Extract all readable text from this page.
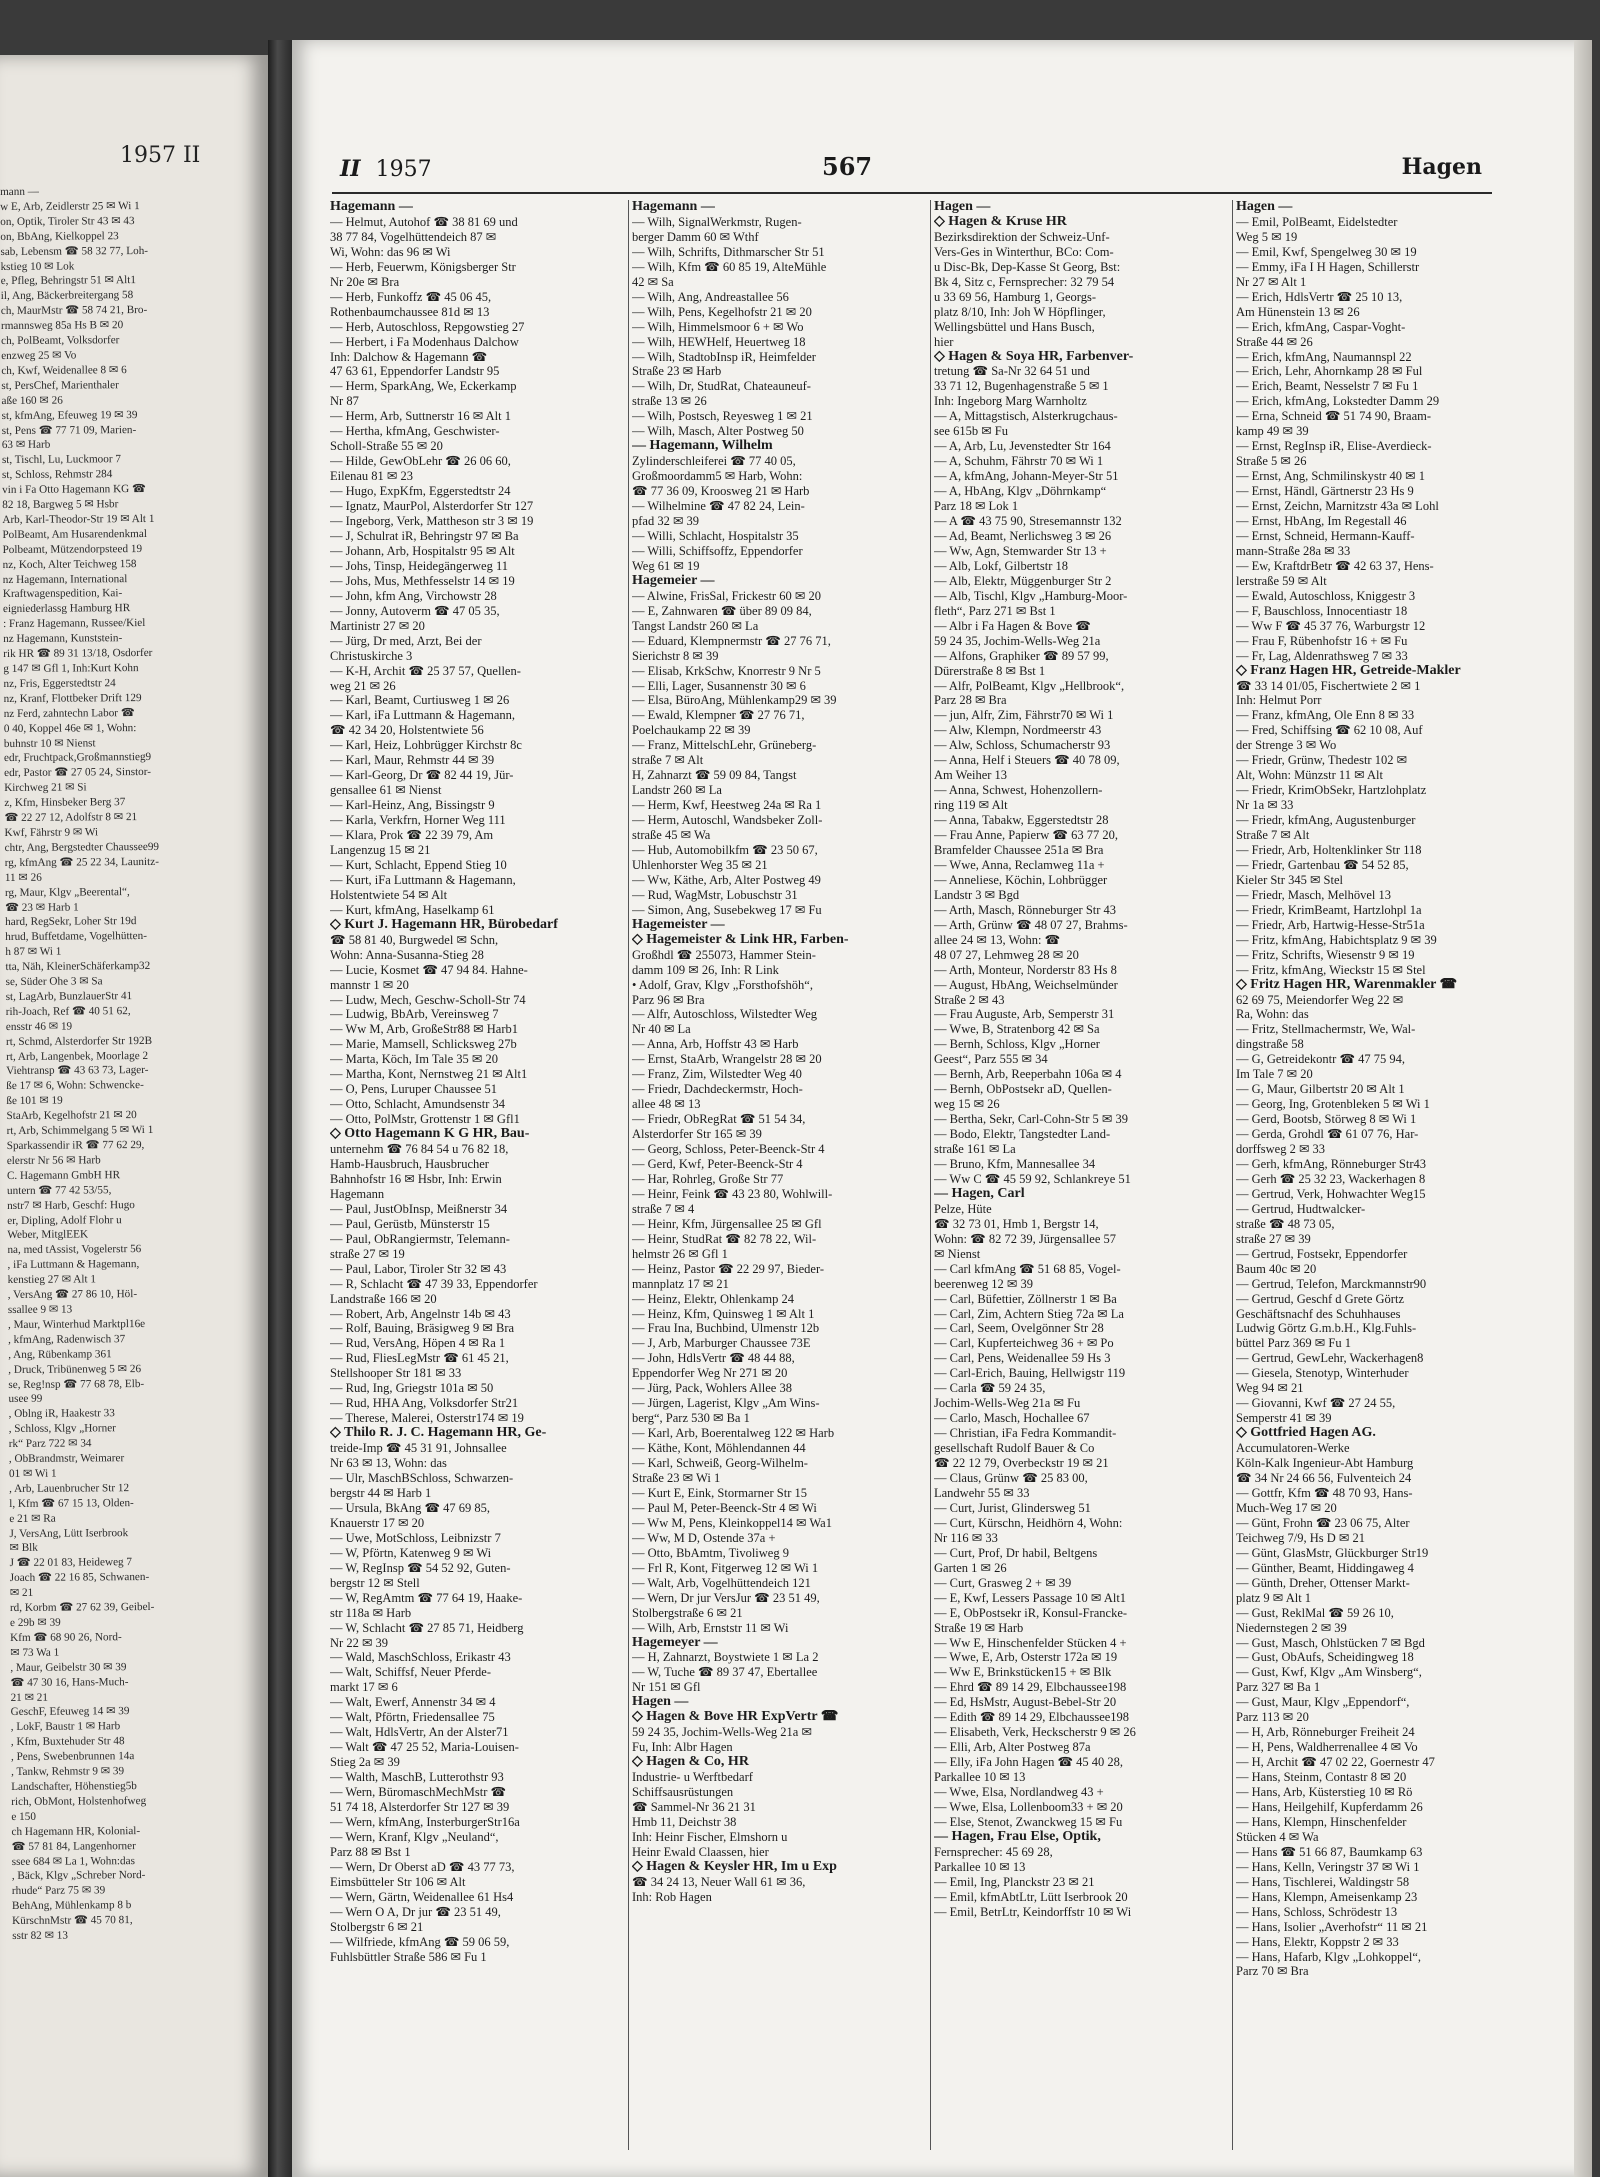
1957 II
mann —
w E, Arb, Zeidlerstr 25 ✉ Wi 1
on, Optik, Tiroler Str 43 ✉ 43
on, BbAng, Kielkoppel 23
sab, Lebensm ☎ 58 32 77, Loh-
kstieg 10 ✉ Lok
e, Pfleg, Behringstr 51 ✉ Alt1
il, Ang, Bäckerbreitergang 58
ch, MaurMstr ☎ 58 74 21, Bro-
rmannsweg 85a Hs B ✉ 20
ch, PolBeamt, Volksdorfer
enzweg 25 ✉ Vo
ch, Kwf, Weidenallee 8 ✉ 6
st, PersChef, Marienthaler
aße 160 ✉ 26
st, kfmAng, Efeuweg 19 ✉ 39
st, Pens ☎ 77 71 09, Marien-
63 ✉ Harb
st, Tischl, Lu, Luckmoor 7
st, Schloss, Rehmstr 284
vin i Fa Otto Hagemann KG ☎
82 18, Bargweg 5 ✉ Hsbr
Arb, Karl-Theodor-Str 19 ✉ Alt 1
PolBeamt, Am Husarendenkmal
Polbeamt, Mützendorpsteed 19
nz, Koch, Alter Teichweg 158
nz Hagemann, International
Kraftwagenspedition, Kai-
eigniederlassg Hamburg HR
: Franz Hagemann, Russee/Kiel
nz Hagemann, Kunststein-
rik HR ☎ 89 31 13/18, Osdorfer
g 147 ✉ Gfl 1, Inh:Kurt Kohn
nz, Fris, Eggerstedtstr 24
nz, Kranf, Flottbeker Drift 129
nz Ferd, zahntechn Labor ☎
0 40, Koppel 46e ✉ 1, Wohn:
buhnstr 10 ✉ Nienst
edr, Fruchtpack,Großmannstieg9
edr, Pastor ☎ 27 05 24, Sinstor-
Kirchweg 21 ✉ Si
z, Kfm, Hinsbeker Berg 37
☎ 22 27 12, Adolfstr 8 ✉ 21
Kwf, Fährstr 9 ✉ Wi
chtr, Ang, Bergstedter Chaussee99
rg, kfmAng ☎ 25 22 34, Launitz-
11 ✉ 26
rg, Maur, Klgv „Beerental“,
☎ 23 ✉ Harb 1
hard, RegSekr, Loher Str 19d
hrud, Buffetdame, Vogelhütten-
h 87 ✉ Wi 1
tta, Näh, KleinerSchäferkamp32
se, Süder Ohe 3 ✉ Sa
st, LagArb, BunzlauerStr 41
rih-Joach, Ref ☎ 40 51 62,
ensstr 46 ✉ 19
rt, Schmd, Alsterdorfer Str 192B
rt, Arb, Langenbek, Moorlage 2
Viehtransp ☎ 43 63 73, Lager-
ße 17 ✉ 6, Wohn: Schwencke-
ße 101 ✉ 19
StaArb, Kegelhofstr 21 ✉ 20
rt, Arb, Schimmelgang 5 ✉ Wi 1
Sparkassendir iR ☎ 77 62 29,
elerstr Nr 56 ✉ Harb
C. Hagemann GmbH HR
untern ☎ 77 42 53/55,
nstr7 ✉ Harb, Geschf: Hugo
er, Dipling, Adolf Flohr u
Weber, MitglEEK
na, med tAssist, Vogelerstr 56
, iFa Luttmann & Hagemann,
kenstieg 27 ✉ Alt 1
, VersAng ☎ 27 86 10, Höl-
ssallee 9 ✉ 13
, Maur, Winterhud Marktpl16e
, kfmAng, Radenwisch 37
, Ang, Rübenkamp 361
, Druck, Tribünenweg 5 ✉ 26
se, Reg!nsp ☎ 77 68 78, Elb-
usee 99
, Oblng iR, Haakestr 33
, Schloss, Klgv „Horner
rk“ Parz 722 ✉ 34
, ObBrandmstr, Weimarer
01 ✉ Wi 1
, Arb, Lauenbrucher Str 12
l, Kfm ☎ 67 15 13, Olden-
e 21 ✉ Ra
J, VersAng, Lütt Iserbrook
✉ Blk
J ☎ 22 01 83, Heideweg 7
Joach ☎ 22 16 85, Schwanen-
✉ 21
rd, Korbm ☎ 27 62 39, Geibel-
e 29b ✉ 39
Kfm ☎ 68 90 26, Nord-
✉ 73 Wa 1
, Maur, Geibelstr 30 ✉ 39
☎ 47 30 16, Hans-Much-
21 ✉ 21
GeschF, Efeuweg 14 ✉ 39
, LokF, Baustr 1 ✉ Harb
, Kfm, Buxtehuder Str 48
, Pens, Swebenbrunnen 14a
, Tankw, Rehmstr 9 ✉ 39
Landschafter, Höhenstieg5b
rich, ObMont, Holstenhofweg
e 150
ch Hagemann HR, Kolonial-
☎ 57 81 84, Langenhorner
ssee 684 ✉ La 1, Wohn:das
, Bäck, Klgv „Schreber Nord-
rhude“ Parz 75 ✉ 39
BehAng, Mühlenkamp 8 b
KürschnMstr ☎ 45 70 81,
sstr 82 ✉ 13
II 1957	567	Hagen
Hagemann —
— Helmut, Autohof ☎ 38 81 69 und
38 77 84, Vogelhüttendeich 87 ✉
Wi, Wohn: das 96 ✉ Wi
— Herb, Feuerwm, Königsberger Str
Nr 20e ✉ Bra
— Herb, Funkoffz ☎ 45 06 45,
Rothenbaumchaussee 81d ✉ 13
— Herb, Autoschloss, Repgowstieg 27
— Herbert, i Fa Modenhaus Dalchow
Inh: Dalchow & Hagemann ☎
47 63 61, Eppendorfer Landstr 95
— Herm, SparkAng, We, Eckerkamp
Nr 87
— Herm, Arb, Suttnerstr 16 ✉ Alt 1
— Hertha, kfmAng, Geschwister-
Scholl-Straße 55 ✉ 20
— Hilde, GewObLehr ☎ 26 06 60,
Eilenau 81 ✉ 23
— Hugo, ExpKfm, Eggerstedtstr 24
— Ignatz, MaurPol, Alsterdorfer Str 127
— Ingeborg, Verk, Mattheson str 3 ✉ 19
— J, Schulrat iR, Behringstr 97 ✉ Ba
— Johann, Arb, Hospitalstr 95 ✉ Alt
— Johs, Tinsp, Heidegängerweg 11
— Johs, Mus, Methfesselstr 14 ✉ 19
— John, kfm Ang, Virchowstr 28
— Jonny, Autoverm ☎ 47 05 35,
Martinistr 27 ✉ 20
— Jürg, Dr med, Arzt, Bei der
Christuskirche 3
— K-H, Archit ☎ 25 37 57, Quellen-
weg 21 ✉ 26
— Karl, Beamt, Curtiusweg 1 ✉ 26
— Karl, iFa Luttmann & Hagemann,
☎ 42 34 20, Holstentwiete 56
— Karl, Heiz, Lohbrügger Kirchstr 8c
— Karl, Maur, Rehmstr 44 ✉ 39
— Karl-Georg, Dr ☎ 82 44 19, Jür-
gensallee 61 ✉ Nienst
— Karl-Heinz, Ang, Bissingstr 9
— Karla, Verkfrn, Horner Weg 111
— Klara, Prok ☎ 22 39 79, Am
Langenzug 15 ✉ 21
— Kurt, Schlacht, Eppend Stieg 10
— Kurt, iFa Luttmann & Hagemann,
Holstentwiete 54 ✉ Alt
— Kurt, kfmAng, Haselkamp 61
◇ Kurt J. Hagemann HR, Bürobedarf
☎ 58 81 40, Burgwedel ✉ Schn,
Wohn: Anna-Susanna-Stieg 28
— Lucie, Kosmet ☎ 47 94 84. Hahne-
mannstr 1 ✉ 20
— Ludw, Mech, Geschw-Scholl-Str 74
— Ludwig, BbArb, Vereinsweg 7
— Ww M, Arb, GroßeStr88 ✉ Harb1
— Marie, Mamsell, Schlicksweg 27b
— Marta, Köch, Im Tale 35 ✉ 20
— Martha, Kont, Nernstweg 21 ✉ Alt1
— O, Pens, Luruper Chaussee 51
— Otto, Schlacht, Amundsenstr 34
— Otto, PolMstr, Grottenstr 1 ✉ Gfl1
◇ Otto Hagemann K G HR, Bau-
unternehm ☎ 76 84 54 u 76 82 18,
Hamb-Hausbruch, Hausbrucher
Bahnhofstr 16 ✉ Hsbr, Inh: Erwin
Hagemann
— Paul, JustObInsp, Meißnerstr 34
— Paul, Gerüstb, Münsterstr 15
— Paul, ObRangiermstr, Telemann-
straße 27 ✉ 19
— Paul, Labor, Tiroler Str 32 ✉ 43
— R, Schlacht ☎ 47 39 33, Eppendorfer
Landstraße 166 ✉ 20
— Robert, Arb, Angelnstr 14b ✉ 43
— Rolf, Bauing, Bräsigweg 9 ✉ Bra
— Rud, VersAng, Höpen 4 ✉ Ra 1
— Rud, FliesLegMstr ☎ 61 45 21,
Stellshooper Str 181 ✉ 33
— Rud, Ing, Griegstr 101a ✉ 50
— Rud, HHA Ang, Volksdorfer Str21
— Therese, Malerei, Osterstr174 ✉ 19
◇ Thilo R. J. C. Hagemann HR, Ge-
treide-Imp ☎ 45 31 91, Johnsallee
Nr 63 ✉ 13, Wohn: das
— Ulr, MaschBSchloss, Schwarzen-
bergstr 44 ✉ Harb 1
— Ursula, BkAng ☎ 47 69 85,
Knauerstr 17 ✉ 20
— Uwe, MotSchloss, Leibnizstr 7
— W, Pförtn, Katenweg 9 ✉ Wi
— W, RegInsp ☎ 54 52 92, Guten-
bergstr 12 ✉ Stell
— W, RegAmtm ☎ 77 64 19, Haake-
str 118a ✉ Harb
— W, Schlacht ☎ 27 85 71, Heidberg
Nr 22 ✉ 39
— Wald, MaschSchloss, Erikastr 43
— Walt, Schiffsf, Neuer Pferde-
markt 17 ✉ 6
— Walt, Ewerf, Annenstr 34 ✉ 4
— Walt, Pförtn, Friedensallee 75
— Walt, HdlsVertr, An der Alster71
— Walt ☎ 47 25 52, Maria-Louisen-
Stieg 2a ✉ 39
— Walth, MaschB, Lutterothstr 93
— Wern, BüromaschMechMstr ☎
51 74 18, Alsterdorfer Str 127 ✉ 39
— Wern, kfmAng, InsterburgerStr16a
— Wern, Kranf, Klgv „Neuland“,
Parz 88 ✉ Bst 1
— Wern, Dr Oberst aD ☎ 43 77 73,
Eimsbütteler Str 106 ✉ Alt
— Wern, Gärtn, Weidenallee 61 Hs4
— Wern O A, Dr jur ☎ 23 51 49,
Stolbergstr 6 ✉ 21
— Wilfriede, kfmAng ☎ 59 06 59,
Fuhlsbüttler Straße 586 ✉ Fu 1
Hagemann —
— Wilh, SignalWerkmstr, Rugen-
berger Damm 60 ✉ Wthf
— Wilh, Schrifts, Dithmarscher Str 51
— Wilh, Kfm ☎ 60 85 19, AlteMühle
42 ✉ Sa
— Wilh, Ang, Andreastallee 56
— Wilh, Pens, Kegelhofstr 21 ✉ 20
— Wilh, Himmelsmoor 6 + ✉ Wo
— Wilh, HEWHelf, Heuertweg 18
— Wilh, StadtobInsp iR, Heimfelder
Straße 23 ✉ Harb
— Wilh, Dr, StudRat, Chateauneuf-
straße 13 ✉ 26
— Wilh, Postsch, Reyesweg 1 ✉ 21
— Wilh, Masch, Alter Postweg 50
— Hagemann, Wilhelm
Zylinderschleiferei ☎ 77 40 05,
Großmoordamm5 ✉ Harb, Wohn:
☎ 77 36 09, Kroosweg 21 ✉ Harb
— Wilhelmine ☎ 47 82 24, Lein-
pfad 32 ✉ 39
— Willi, Schlacht, Hospitalstr 35
— Willi, Schiffsoffz, Eppendorfer
Weg 61 ✉ 19
Hagemeier —
— Alwine, FrisSal, Frickestr 60 ✉ 20
— E, Zahnwaren ☎ über 89 09 84,
Tangst Landstr 260 ✉ La
— Eduard, Klempnermstr ☎ 27 76 71,
Sierichstr 8 ✉ 39
— Elisab, KrkSchw, Knorrestr 9 Nr 5
— Elli, Lager, Susannenstr 30 ✉ 6
— Elsa, BüroAng, Mühlenkamp29 ✉ 39
— Ewald, Klempner ☎ 27 76 71,
Poelchaukamp 22 ✉ 39
— Franz, MittelschLehr, Grüneberg-
straße 7 ✉ Alt
H, Zahnarzt ☎ 59 09 84, Tangst
Landstr 260 ✉ La
— Herm, Kwf, Heestweg 24a ✉ Ra 1
— Herm, Autoschl, Wandsbeker Zoll-
straße 45 ✉ Wa
— Hub, Automobilkfm ☎ 23 50 67,
Uhlenhorster Weg 35 ✉ 21
— Ww, Käthe, Arb, Alter Postweg 49
— Rud, WagMstr, Lobuschstr 31
— Simon, Ang, Susebekweg 17 ✉ Fu
Hagemeister —
◇ Hagemeister & Link HR, Farben-
Großhdl ☎ 255073, Hammer Stein-
damm 109 ✉ 26, Inh: R Link
• Adolf, Grav, Klgv „Forsthofshöh“,
Parz 96 ✉ Bra
— Alfr, Autoschloss, Wilstedter Weg
Nr 40 ✉ La
— Anna, Arb, Hoffstr 43 ✉ Harb
— Ernst, StaArb, Wrangelstr 28 ✉ 20
— Franz, Zim, Wilstedter Weg 40
— Friedr, Dachdeckermstr, Hoch-
allee 48 ✉ 13
— Friedr, ObRegRat ☎ 51 54 34,
Alsterdorfer Str 165 ✉ 39
— Georg, Schloss, Peter-Beenck-Str 4
— Gerd, Kwf, Peter-Beenck-Str 4
— Har, Rohrleg, Große Str 77
— Heinr, Feink ☎ 43 23 80, Wohlwill-
straße 7 ✉ 4
— Heinr, Kfm, Jürgensallee 25 ✉ Gfl
— Heinr, StudRat ☎ 82 78 22, Wil-
helmstr 26 ✉ Gfl 1
— Heinz, Pastor ☎ 22 29 97, Bieder-
mannplatz 17 ✉ 21
— Heinz, Elektr, Ohlenkamp 24
— Heinz, Kfm, Quinsweg 1 ✉ Alt 1
— Frau Ina, Buchbind, Ulmenstr 12b
— J, Arb, Marburger Chaussee 73E
— John, HdlsVertr ☎ 48 44 88,
Eppendorfer Weg Nr 271 ✉ 20
— Jürg, Pack, Wohlers Allee 38
— Jürgen, Lagerist, Klgv „Am Wins-
berg“, Parz 530 ✉ Ba 1
— Karl, Arb, Boerentalweg 122 ✉ Harb
— Käthe, Kont, Möhlendannen 44
— Karl, Schweiß, Georg-Wilhelm-
Straße 23 ✉ Wi 1
— Kurt E, Eink, Stormarner Str 15
— Paul M, Peter-Beenck-Str 4 ✉ Wi
— Ww M, Pens, Kleinkoppel14 ✉ Wa1
— Ww, M D, Ostende 37a +
— Otto, BbAmtm, Tivoliweg 9
— Frl R, Kont, Fitgerweg 12 ✉ Wi 1
— Walt, Arb, Vogelhüttendeich 121
— Wern, Dr jur VersJur ☎ 23 51 49,
Stolbergstraße 6 ✉ 21
— Wilh, Arb, Ernststr 11 ✉ Wi
Hagemeyer —
— H, Zahnarzt, Boystwiete 1 ✉ La 2
— W, Tuche ☎ 89 37 47, Ebertallee
Nr 151 ✉ Gfl
Hagen —
◇ Hagen & Bove HR ExpVertr ☎
59 24 35, Jochim-Wells-Weg 21a ✉
Fu, Inh: Albr Hagen
◇ Hagen & Co, HR
Industrie- u Werftbedarf
Schiffsausrüstungen
☎ Sammel-Nr 36 21 31
Hmb 11, Deichstr 38
Inh: Heinr Fischer, Elmshorn u
Heinr Ewald Claassen, hier
◇ Hagen & Keysler HR, Im u Exp
☎ 34 24 13, Neuer Wall 61 ✉ 36,
Inh: Rob Hagen
Hagen —
◇ Hagen & Kruse HR
Bezirksdirektion der Schweiz-Unf-
Vers-Ges in Winterthur, BCo: Com-
u Disc-Bk, Dep-Kasse St Georg, Bst:
Bk 4, Sitz c, Fernsprecher: 32 79 54
u 33 69 56, Hamburg 1, Georgs-
platz 8/10, Inh: Joh W Höpflinger,
Wellingsbüttel und Hans Busch,
hier
◇ Hagen & Soya HR, Farbenver-
tretung ☎ Sa-Nr 32 64 51 und
33 71 12, Bugenhagenstraße 5 ✉ 1
Inh: Ingeborg Marg Warnholtz
— A, Mittagstisch, Alsterkrugchaus-
see 615b ✉ Fu
— A, Arb, Lu, Jevenstedter Str 164
— A, Schuhm, Fährstr 70 ✉ Wi 1
— A, kfmAng, Johann-Meyer-Str 51
— A, HbAng, Klgv „Döhrnkamp“
Parz 18 ✉ Lok 1
— A ☎ 43 75 90, Stresemannstr 132
— Ad, Beamt, Nerlichsweg 3 ✉ 26
— Ww, Agn, Stemwarder Str 13 +
— Alb, Lokf, Gilbertstr 18
— Alb, Elektr, Müggenburger Str 2
— Alb, Tischl, Klgv „Hamburg-Moor-
fleth“, Parz 271 ✉ Bst 1
— Albr i Fa Hagen & Bove ☎
59 24 35, Jochim-Wells-Weg 21a
— Alfons, Graphiker ☎ 89 57 99,
Dürerstraße 8 ✉ Bst 1
— Alfr, PolBeamt, Klgv „Hellbrook“,
Parz 28 ✉ Bra
— jun, Alfr, Zim, Fährstr70 ✉ Wi 1
— Alw, Klempn, Nordmeerstr 43
— Alw, Schloss, Schumacherstr 93
— Anna, Helf i Steuers ☎ 40 78 09,
Am Weiher 13
— Anna, Schwest, Hohenzollern-
ring 119 ✉ Alt
— Anna, Tabakw, Eggerstedtstr 28
— Frau Anne, Papierw ☎ 63 77 20,
Bramfelder Chaussee 251a ✉ Bra
— Wwe, Anna, Reclamweg 11a +
— Anneliese, Köchin, Lohbrügger
Landstr 3 ✉ Bgd
— Arth, Masch, Rönneburger Str 43
— Arth, Grünw ☎ 48 07 27, Brahms-
allee 24 ✉ 13, Wohn: ☎
48 07 27, Lehmweg 28 ✉ 20
— Arth, Monteur, Norderstr 83 Hs 8
— August, HbAng, Weichselmünder
Straße 2 ✉ 43
— Frau Auguste, Arb, Semperstr 31
— Wwe, B, Stratenborg 42 ✉ Sa
— Bernh, Schloss, Klgv „Horner
Geest“, Parz 555 ✉ 34
— Bernh, Arb, Reeperbahn 106a ✉ 4
— Bernh, ObPostsekr aD, Quellen-
weg 15 ✉ 26
— Bertha, Sekr, Carl-Cohn-Str 5 ✉ 39
— Bodo, Elektr, Tangstedter Land-
straße 161 ✉ La
— Bruno, Kfm, Mannesallee 34
— Ww C ☎ 45 59 92, Schlankreye 51
— Hagen, Carl
Pelze, Hüte
☎ 32 73 01, Hmb 1, Bergstr 14,
Wohn: ☎ 82 72 39, Jürgensallee 57
✉ Nienst
— Carl kfmAng ☎ 51 68 85, Vogel-
beerenweg 12 ✉ 39
— Carl, Büfettier, Zöllnerstr 1 ✉ Ba
— Carl, Zim, Achtern Stieg 72a ✉ La
— Carl, Seem, Ovelgönner Str 28
— Carl, Kupferteichweg 36 + ✉ Po
— Carl, Pens, Weidenallee 59 Hs 3
— Carl-Erich, Bauing, Hellwigstr 119
— Carla ☎ 59 24 35,
Jochim-Wells-Weg 21a ✉ Fu
— Carlo, Masch, Hochallee 67
— Christian, iFa Fedra Kommandit-
gesellschaft Rudolf Bauer & Co
☎ 22 12 79, Overbeckstr 19 ✉ 21
— Claus, Grünw ☎ 25 83 00,
Landwehr 55 ✉ 33
— Curt, Jurist, Glindersweg 51
— Curt, Kürschn, Heidhörn 4, Wohn:
Nr 116 ✉ 33
— Curt, Prof, Dr habil, Beltgens
Garten 1 ✉ 26
— Curt, Grasweg 2 + ✉ 39
— E, Kwf, Lessers Passage 10 ✉ Alt1
— E, ObPostsekr iR, Konsul-Francke-
Straße 19 ✉ Harb
— Ww E, Hinschenfelder Stücken 4 +
— Wwe, E, Arb, Osterstr 172a ✉ 19
— Ww E, Brinkstücken15 + ✉ Blk
— Ehrd ☎ 89 14 29, Elbchaussee198
— Ed, HsMstr, August-Bebel-Str 20
— Edith ☎ 89 14 29, Elbchaussee198
— Elisabeth, Verk, Heckscherstr 9 ✉ 26
— Elli, Arb, Alter Postweg 87a
— Elly, iFa John Hagen ☎ 45 40 28,
Parkallee 10 ✉ 13
— Wwe, Elsa, Nordlandweg 43 +
— Wwe, Elsa, Lollenboom33 + ✉ 20
— Else, Stenot, Zwanckweg 15 ✉ Fu
— Hagen, Frau Else, Optik,
Fernsprecher: 45 69 28,
Parkallee 10 ✉ 13
— Emil, Ing, Planckstr 23 ✉ 21
— Emil, kfmAbtLtr, Lütt Iserbrook 20
— Emil, BetrLtr, Keindorffstr 10 ✉ Wi
Hagen —
— Emil, PolBeamt, Eidelstedter
Weg 5 ✉ 19
— Emil, Kwf, Spengelweg 30 ✉ 19
— Emmy, iFa I H Hagen, Schillerstr
Nr 27 ✉ Alt 1
— Erich, HdlsVertr ☎ 25 10 13,
Am Hünenstein 13 ✉ 26
— Erich, kfmAng, Caspar-Voght-
Straße 44 ✉ 26
— Erich, kfmAng, Naumannspl 22
— Erich, Lehr, Ahornkamp 28 ✉ Ful
— Erich, Beamt, Nesselstr 7 ✉ Fu 1
— Erich, kfmAng, Lokstedter Damm 29
— Erna, Schneid ☎ 51 74 90, Braam-
kamp 49 ✉ 39
— Ernst, RegInsp iR, Elise-Averdieck-
Straße 5 ✉ 26
— Ernst, Ang, Schmilinskystr 40 ✉ 1
— Ernst, Händl, Gärtnerstr 23 Hs 9
— Ernst, Zeichn, Marnitzstr 43a ✉ Lohl
— Ernst, HbAng, Im Regestall 46
— Ernst, Schneid, Hermann-Kauff-
mann-Straße 28a ✉ 33
— Ew, KraftdrBetr ☎ 42 63 37, Hens-
lerstraße 59 ✉ Alt
— Ewald, Autoschloss, Kniggestr 3
— F, Bauschloss, Innocentiastr 18
— Ww F ☎ 45 37 76, Warburgstr 12
— Frau F, Rübenhofstr 16 + ✉ Fu
— Fr, Lag, Aldenrathsweg 7 ✉ 33
◇ Franz Hagen HR, Getreide-Makler
☎ 33 14 01/05, Fischertwiete 2 ✉ 1
Inh: Helmut Porr
— Franz, kfmAng, Ole Enn 8 ✉ 33
— Fred, Schiffsing ☎ 62 10 08, Auf
der Strenge 3 ✉ Wo
— Friedr, Grünw, Thedestr 102 ✉
Alt, Wohn: Münzstr 11 ✉ Alt
— Friedr, KrimObSekr, Hartzlohplatz
Nr 1a ✉ 33
— Friedr, kfmAng, Augustenburger
Straße 7 ✉ Alt
— Friedr, Arb, Holtenklinker Str 118
— Friedr, Gartenbau ☎ 54 52 85,
Kieler Str 345 ✉ Stel
— Friedr, Masch, Melhövel 13
— Friedr, KrimBeamt, Hartzlohpl 1a
— Friedr, Arb, Hartwig-Hesse-Str51a
— Fritz, kfmAng, Habichtsplatz 9 ✉ 39
— Fritz, Schrifts, Wiesenstr 9 ✉ 19
— Fritz, kfmAng, Wieckstr 15 ✉ Stel
◇ Fritz Hagen HR, Warenmakler ☎
62 69 75, Meiendorfer Weg 22 ✉
Ra, Wohn: das
— Fritz, Stellmachermstr, We, Wal-
dingstraße 58
— G, Getreidekontr ☎ 47 75 94,
Im Tale 7 ✉ 20
— G, Maur, Gilbertstr 20 ✉ Alt 1
— Georg, Ing, Grotenbleken 5 ✉ Wi 1
— Gerd, Bootsb, Störweg 8 ✉ Wi 1
— Gerda, Grohdl ☎ 61 07 76, Har-
dorffsweg 2 ✉ 33
— Gerh, kfmAng, Rönneburger Str43
— Gerh ☎ 25 32 23, Wackerhagen 8
— Gertrud, Verk, Hohwachter Weg15
— Gertrud, Hudtwalcker-
straße ☎ 48 73 05,
straße 27 ✉ 39
— Gertrud, Fostsekr, Eppendorfer
Baum 40c ✉ 20
— Gertrud, Telefon, Marckmannstr90
— Gertrud, Geschf d Grete Görtz
Geschäftsnachf des Schuhhauses
Ludwig Görtz G.m.b.H., Klg.Fuhls-
büttel Parz 369 ✉ Fu 1
— Gertrud, GewLehr, Wackerhagen8
— Giesela, Stenotyp, Winterhuder
Weg 94 ✉ 21
— Giovanni, Kwf ☎ 27 24 55,
Semperstr 41 ✉ 39
◇ Gottfried Hagen AG.
Accumulatoren-Werke
Köln-Kalk Ingenieur-Abt Hamburg
☎ 34 Nr 24 66 56, Fulventeich 24
— Gottfr, Kfm ☎ 48 70 93, Hans-
Much-Weg 17 ✉ 20
— Günt, Frohn ☎ 23 06 75, Alter
Teichweg 7/9, Hs D ✉ 21
— Günt, GlasMstr, Glückburger Str19
— Günther, Beamt, Hiddingaweg 4
— Günth, Dreher, Ottenser Markt-
platz 9 ✉ Alt 1
— Gust, ReklMal ☎ 59 26 10,
Niedernstegen 2 ✉ 39
— Gust, Masch, Ohlstücken 7 ✉ Bgd
— Gust, ObAufs, Scheidingweg 18
— Gust, Kwf, Klgv „Am Winsberg“,
Parz 327 ✉ Ba 1
— Gust, Maur, Klgv „Eppendorf“,
Parz 113 ✉ 20
— H, Arb, Rönneburger Freiheit 24
— H, Pens, Waldherrenallee 4 ✉ Vo
— H, Archit ☎ 47 02 22, Goernestr 47
— Hans, Steinm, Contastr 8 ✉ 20
— Hans, Arb, Küsterstieg 10 ✉ Rö
— Hans, Heilgehilf, Kupferdamm 26
— Hans, Klempn, Hinschenfelder
Stücken 4 ✉ Wa
— Hans ☎ 51 66 87, Baumkamp 63
— Hans, Kelln, Veringstr 37 ✉ Wi 1
— Hans, Tischlerei, Waldingstr 58
— Hans, Klempn, Ameisenkamp 23
— Hans, Schloss, Schrödestr 13
— Hans, Isolier „Averhofstr“ 11 ✉ 21
— Hans, Elektr, Koppstr 2 ✉ 33
— Hans, Hafarb, Klgv „Lohkoppel“,
Parz 70 ✉ Bra
